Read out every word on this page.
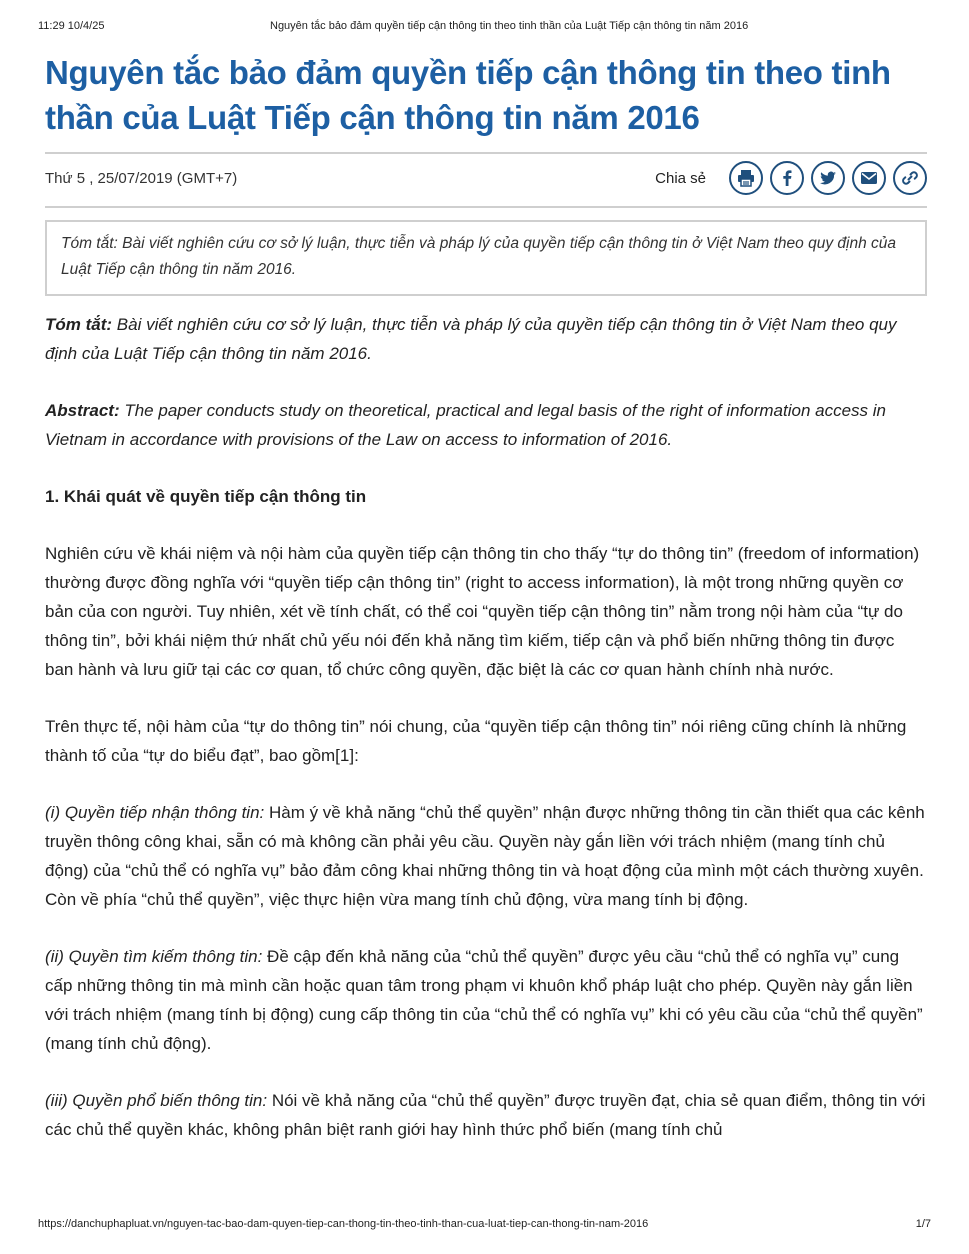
11:29 10/4/25	Nguyên tắc bảo đảm quyền tiếp cận thông tin theo tinh thần của Luật Tiếp cận thông tin năm 2016
Nguyên tắc bảo đảm quyền tiếp cận thông tin theo tinh thần của Luật Tiếp cận thông tin năm 2016
Thứ 5 , 25/07/2019 (GMT+7)	Chia sẻ
Tóm tắt: Bài viết nghiên cứu cơ sở lý luận, thực tiễn và pháp lý của quyền tiếp cận thông tin ở Việt Nam theo quy định của Luật Tiếp cận thông tin năm 2016.

Tóm tắt: Bài viết nghiên cứu cơ sở lý luận, thực tiễn và pháp lý của quyền tiếp cận thông tin ở Việt Nam theo quy định của Luật Tiếp cận thông tin năm 2016.

Abstract: The paper conducts study on theoretical, practical and legal basis of the right of information access in Vietnam in accordance with provisions of the Law on access to information of 2016.

1. Khái quát về quyền tiếp cận thông tin

Nghiên cứu về khái niệm và nội hàm của quyền tiếp cận thông tin cho thấy “tự do thông tin” (freedom of information) thường được đồng nghĩa với “quyền tiếp cận thông tin” (right to access information), là một trong những quyền cơ bản của con người. Tuy nhiên, xét về tính chất, có thể coi “quyền tiếp cận thông tin” nằm trong nội hàm của “tự do thông tin”, bởi khái niệm thứ nhất chủ yếu nói đến khả năng tìm kiếm, tiếp cận và phổ biến những thông tin được ban hành và lưu giữ tại các cơ quan, tổ chức công quyền, đặc biệt là các cơ quan hành chính nhà nước.

Trên thực tế, nội hàm của “tự do thông tin” nói chung, của “quyền tiếp cận thông tin” nói riêng cũng chính là những thành tố của “tự do biểu đạt”, bao gồm[1]:

(i) Quyền tiếp nhận thông tin: Hàm ý về khả năng “chủ thể quyền” nhận được những thông tin cần thiết qua các kênh truyền thông công khai, sẵn có mà không cần phải yêu cầu. Quyền này gắn liền với trách nhiệm (mang tính chủ động) của “chủ thể có nghĩa vụ” bảo đảm công khai những thông tin và hoạt động của mình một cách thường xuyên. Còn về phía “chủ thể quyền”, việc thực hiện vừa mang tính chủ động, vừa mang tính bị động.

(ii) Quyền tìm kiếm thông tin: Đề cập đến khả năng của “chủ thể quyền” được yêu cầu “chủ thể có nghĩa vụ” cung cấp những thông tin mà mình cần hoặc quan tâm trong phạm vi khuôn khổ pháp luật cho phép. Quyền này gắn liền với trách nhiệm (mang tính bị động) cung cấp thông tin của “chủ thể có nghĩa vụ” khi có yêu cầu của “chủ thể quyền” (mang tính chủ động).

(iii) Quyền phổ biến thông tin: Nói về khả năng của “chủ thể quyền” được truyền đạt, chia sẻ quan điểm, thông tin với các chủ thể quyền khác, không phân biệt ranh giới hay hình thức phổ biến (mang tính chủ

https://danchuphapluat.vn/nguyen-tac-bao-dam-quyen-tiep-can-thong-tin-theo-tinh-than-cua-luat-tiep-can-thong-tin-nam-2016	1/7
